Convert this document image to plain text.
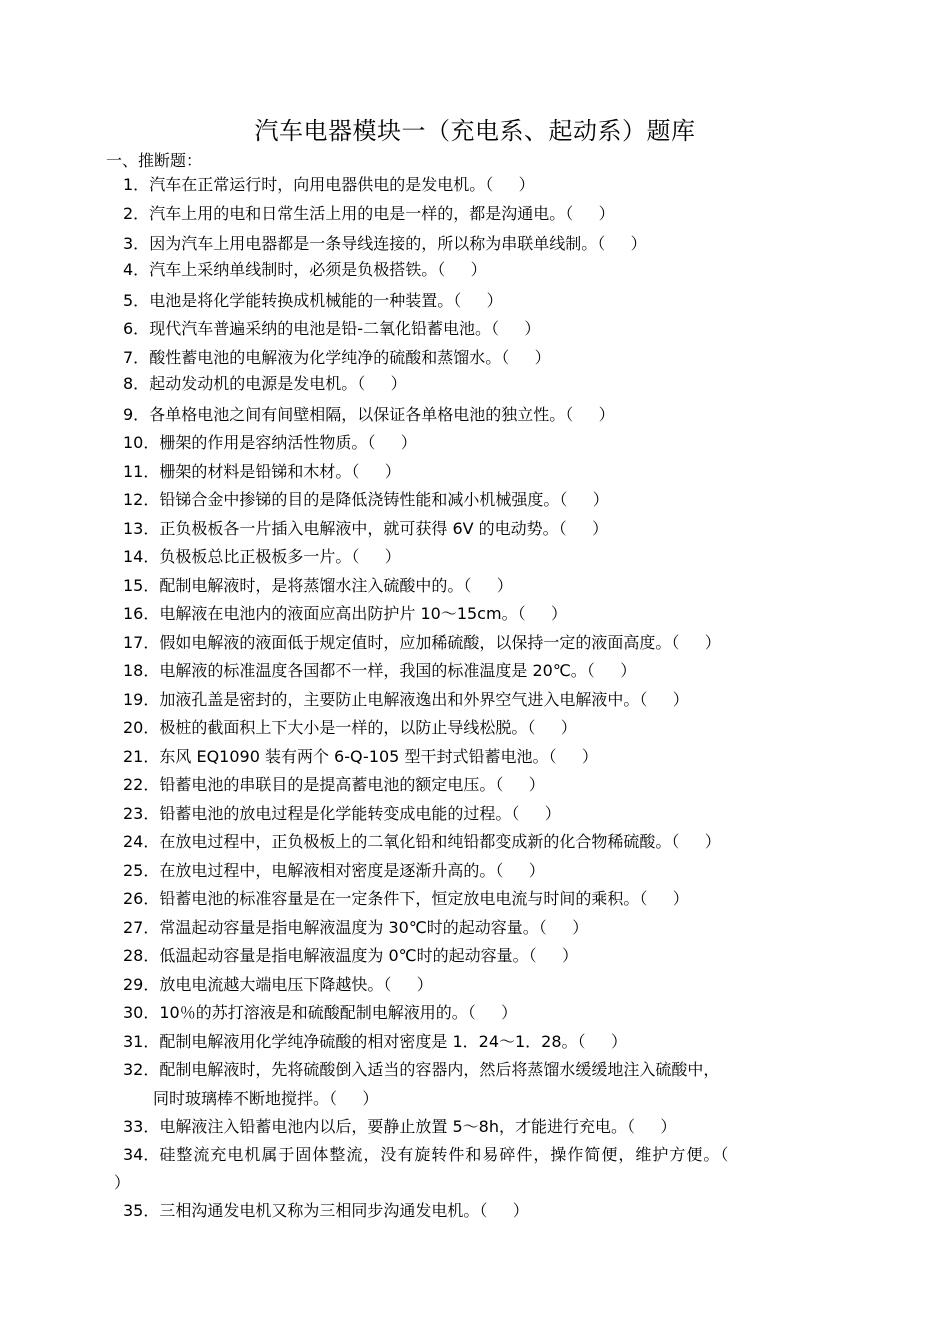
汽车电器模块一（充电系、起动系）题库
一、推断题：
1．汽车在正常运行时，向用电器供电的是发电机。（     ）
2．汽车上用的电和日常生活上用的电是一样的，都是沟通电。（     ）
3．因为汽车上用电器都是一条导线连接的，所以称为串联单线制。（     ）
4．汽车上采纳单线制时，必须是负极搭铁。（     ）
5．电池是将化学能转换成机械能的一种装置。（     ）
6．现代汽车普遍采纳的电池是铅-二氧化铅蓄电池。（     ）
7．酸性蓄电池的电解液为化学纯净的硫酸和蒸馏水。（     ）
8．起动发动机的电源是发电机。（     ）
9．各单格电池之间有间壁相隔，以保证各单格电池的独立性。（     ）
10．栅架的作用是容纳活性物质。（     ）
11．栅架的材料是铅锑和木材。（     ）
12．铅锑合金中掺锑的目的是降低浇铸性能和减小机械强度。（     ）
13．正负极板各一片插入电解液中，就可获得 6V 的电动势。（     ）
14．负极板总比正极板多一片。（     ）
15．配制电解液时，是将蒸馏水注入硫酸中的。（     ）
16．电解液在电池内的液面应高出防护片 10～15cm。（     ）
17．假如电解液的液面低于规定值时，应加稀硫酸，以保持一定的液面高度。（     ）
18．电解液的标准温度各国都不一样，我国的标准温度是 20℃。（     ）
19．加液孔盖是密封的，主要防止电解液逸出和外界空气进入电解液中。（     ）
20．极桩的截面积上下大小是一样的，以防止导线松脱。（     ）
21．东风 EQ1090 装有两个 6-Q-105 型干封式铅蓄电池。（     ）
22．铅蓄电池的串联目的是提高蓄电池的额定电压。（     ）
23．铅蓄电池的放电过程是化学能转变成电能的过程。（     ）
24．在放电过程中，正负极板上的二氧化铅和纯铅都变成新的化合物稀硫酸。（     ）
25．在放电过程中，电解液相对密度是逐渐升高的。（     ）
26．铅蓄电池的标准容量是在一定条件下，恒定放电电流与时间的乘积。（     ）
27．常温起动容量是指电解液温度为 30℃时的起动容量。（     ）
28．低温起动容量是指电解液温度为 0℃时的起动容量。（     ）
29．放电电流越大端电压下降越快。（     ）
30．10％的苏打溶液是和硫酸配制电解液用的。（     ）
31．配制电解液用化学纯净硫酸的相对密度是 1．24～1．28。（     ）
32．配制电解液时，先将硫酸倒入适当的容器内，然后将蒸馏水缓缓地注入硫酸中，
同时玻璃棒不断地搅拌。（     ）
33．电解液注入铅蓄电池内以后，要静止放置 5～8h，才能进行充电。（     ）
34．硅整流充电机属于固体整流，没有旋转件和易碎件，操作简便，维护方便。（
）
35．三相沟通发电机又称为三相同步沟通发电机。（     ）
